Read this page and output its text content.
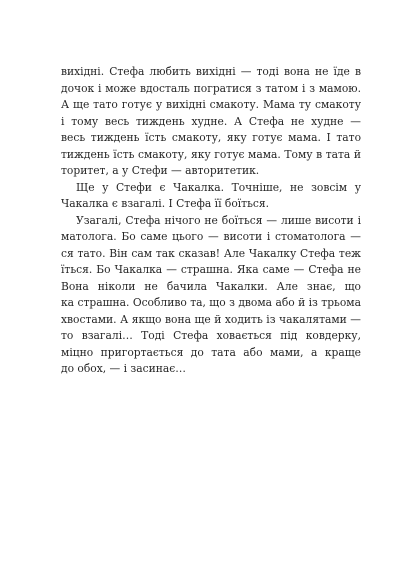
вихідні. Стефа любить вихідні — тоді вона не їде в
дочок і може вдосталь погратися з татом і з мамою.
А ще тато готує у вихідні смакоту. Мама ту смакоту
і тому весь тиждень худне. А Стефа не худне —
весь тиждень їсть смакоту, яку готує мама. І тато
тиждень їсть смакоту, яку готує мама. Тому в тата й
торитет, а у Стефи — авторитетик.
Ще у Стефи є Чакалка. Точніше, не зовсім у
Чакалка є взагалі. І Стефа її боїться.
Узагалі, Стефа нічого не боїться — лише висоти і
матолога. Бо саме цього — висоти і стоматолога —
ся тато. Він сам так сказав! Але Чакалку Стефа теж
їться. Бо Чакалка — страшна. Яка саме — Стефа не
Вона ніколи не бачила Чакалки. Але знає, що
ка страшна. Особливо та, що з двома або й із трьома
хвостами. А якщо вона ще й ходить із чакалятами —
то взагалі… Тоді Стефа ховається під ковдерку,
міцно пригортається до тата або мами, а краще
до обох, — і засинає…
